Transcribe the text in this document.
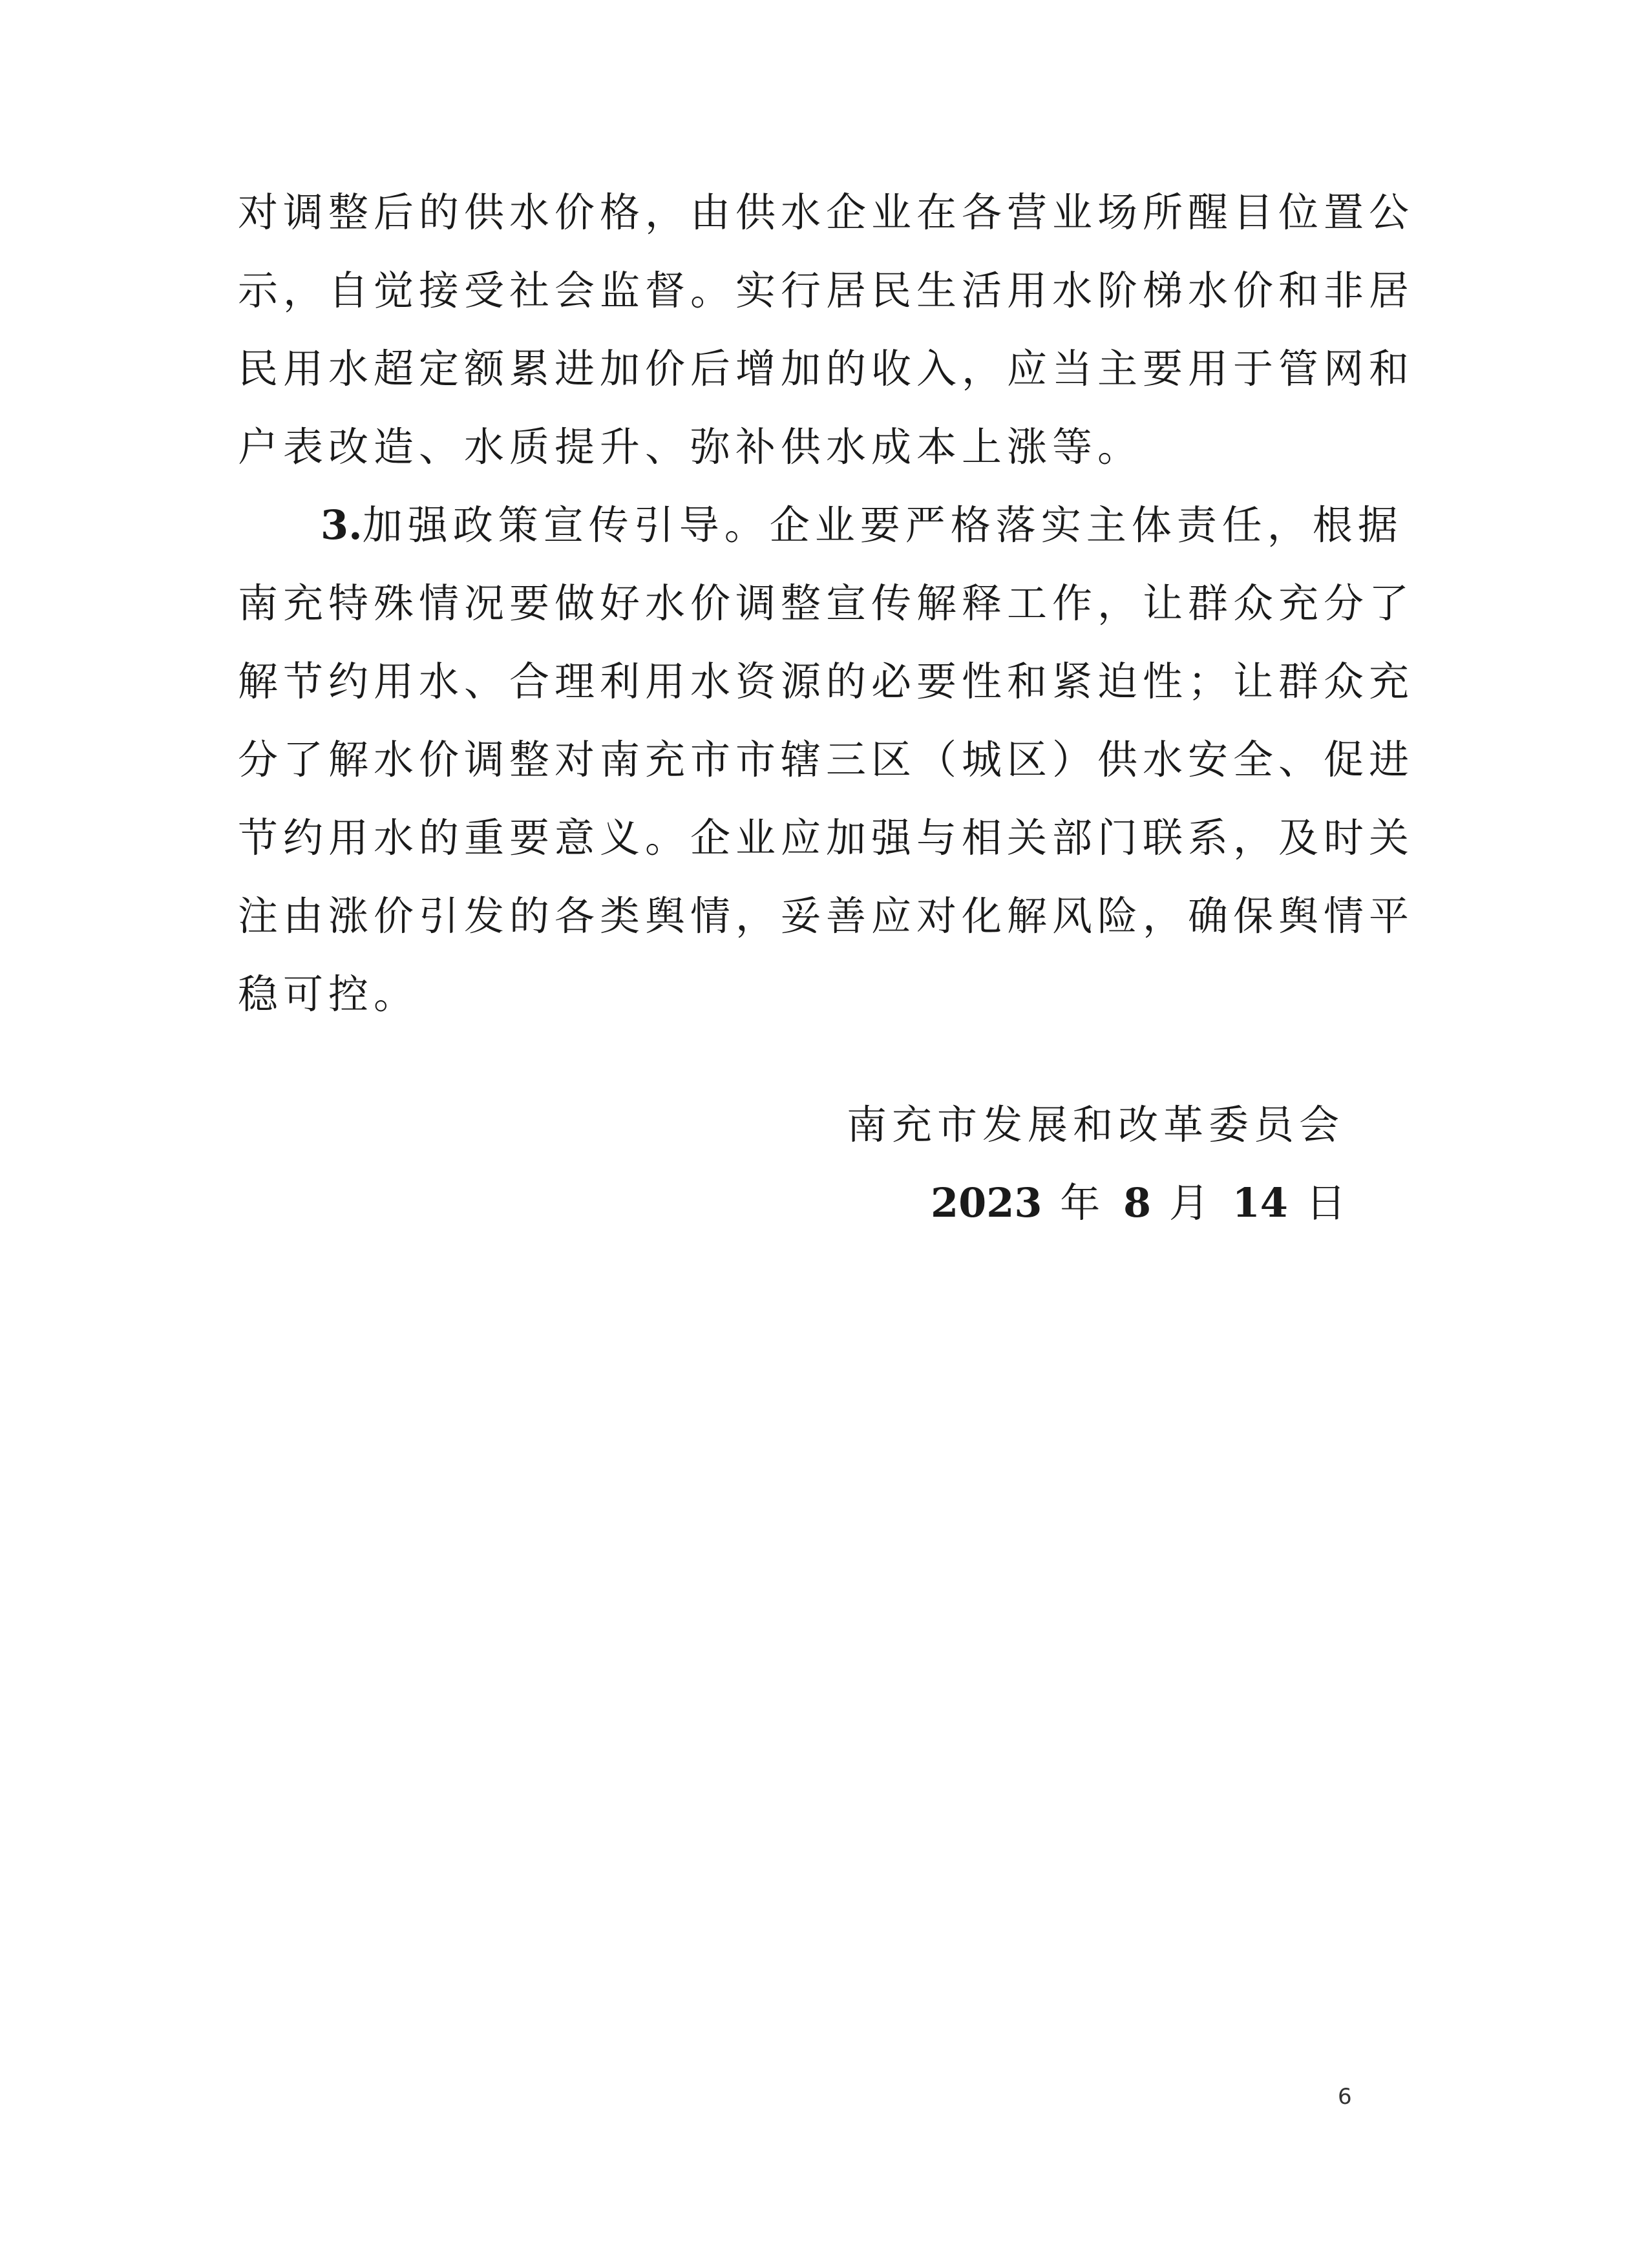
对调整后的供水价格，由供水企业在各营业场所醒目位置公
示，自觉接受社会监督。实行居民生活用水阶梯水价和非居
民用水超定额累进加价后增加的收入，应当主要用于管网和
户表改造、水质提升、弥补供水成本上涨等。
3.加强政策宣传引导。企业要严格落实主体责任，根据
南充特殊情况要做好水价调整宣传解释工作，让群众充分了
解节约用水、合理利用水资源的必要性和紧迫性；让群众充
分了解水价调整对南充市市辖三区（城区）供水安全、促进
节约用水的重要意义。企业应加强与相关部门联系，及时关
注由涨价引发的各类舆情，妥善应对化解风险，确保舆情平
稳可控。
南充市发展和改革委员会
2023 年 8 月 14 日
6
